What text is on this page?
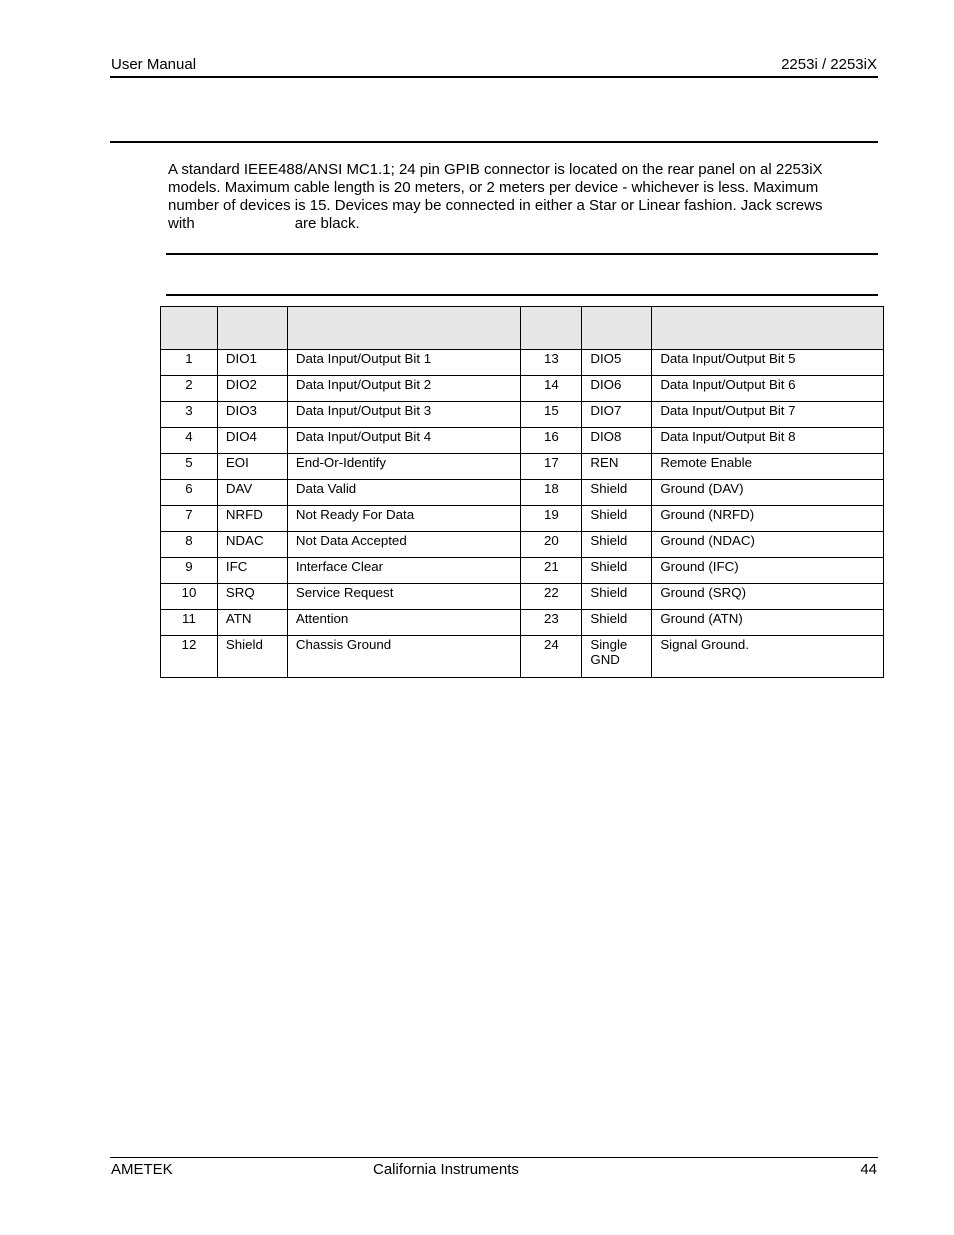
User Manual	2253i / 2253iX

A standard IEEE488/ANSI MC1.1; 24 pin GPIB connector is located on the rear panel on al 2253iX

models. Maximum cable length is 20 meters, or 2 meters per device - whichever is less. Maximum

number of devices is 15. Devices may be connected in either a Star or Linear fashion. Jack screws

with	are black.

1	DIO1	Data Input/Output Bit 1	13	DIO5	Data Input/Output Bit 5
2	DIO2	Data Input/Output Bit 2	14	DIO6	Data Input/Output Bit 6
3	DIO3	Data Input/Output Bit 3	15	DIO7	Data Input/Output Bit 7
4	DIO4	Data Input/Output Bit 4	16	DIO8	Data Input/Output Bit 8
5	EOI	End-Or-Identify	17	REN	Remote Enable
6	DAV	Data Valid	18	Shield	Ground (DAV)
7	NRFD	Not Ready For Data	19	Shield	Ground (NRFD)
8	NDAC	Not Data Accepted	20	Shield	Ground (NDAC)
9	IFC	Interface Clear	21	Shield	Ground (IFC)
10	SRQ	Service Request	22	Shield	Ground (SRQ)
11	ATN	Attention	23	Shield	Ground (ATN)
12	Shield	Chassis Ground	24	Single GND	Signal Ground.
AMETEK	California Instruments	44
